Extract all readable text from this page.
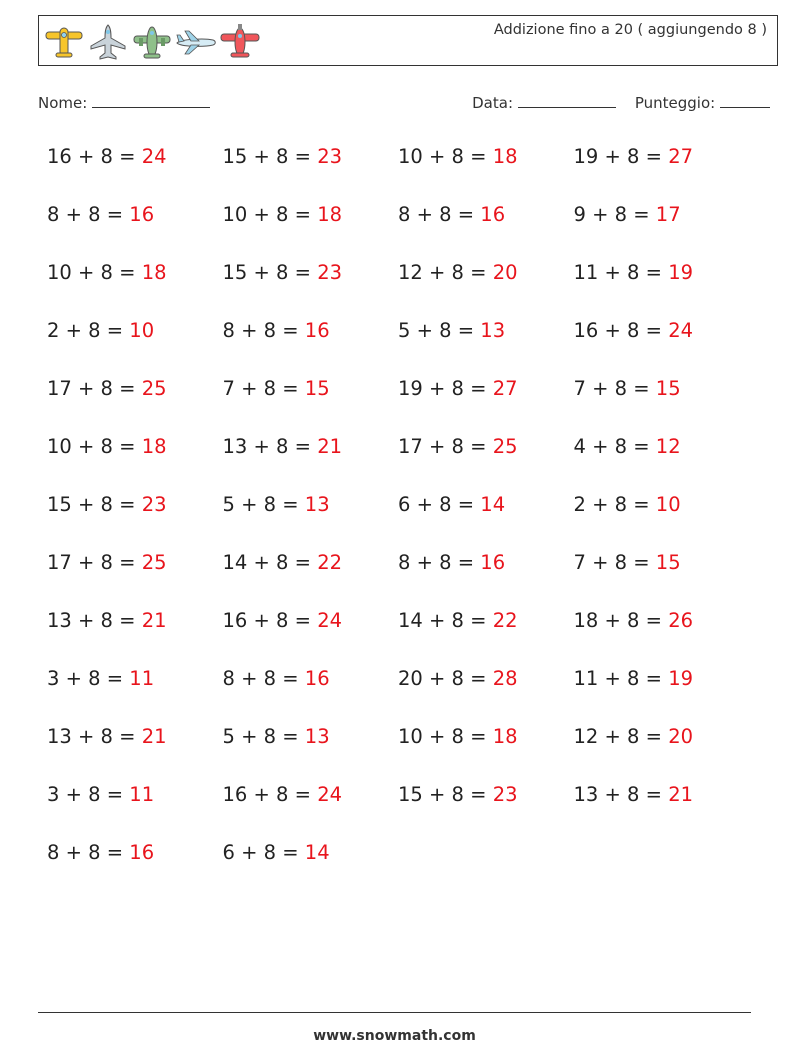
Addizione fino a 20 ( aggiungendo 8 )
Nome:	Data:	Punteggio:
16 + 8 = 24	15 + 8 = 23	10 + 8 = 18	19 + 8 = 27
8 + 8 = 16	10 + 8 = 18	8 + 8 = 16	9 + 8 = 17
10 + 8 = 18	15 + 8 = 23	12 + 8 = 20	11 + 8 = 19
2 + 8 = 10	8 + 8 = 16	5 + 8 = 13	16 + 8 = 24
17 + 8 = 25	7 + 8 = 15	19 + 8 = 27	7 + 8 = 15
10 + 8 = 18	13 + 8 = 21	17 + 8 = 25	4 + 8 = 12
15 + 8 = 23	5 + 8 = 13	6 + 8 = 14	2 + 8 = 10
17 + 8 = 25	14 + 8 = 22	8 + 8 = 16	7 + 8 = 15
13 + 8 = 21	16 + 8 = 24	14 + 8 = 22	18 + 8 = 26
3 + 8 = 11	8 + 8 = 16	20 + 8 = 28	11 + 8 = 19
13 + 8 = 21	5 + 8 = 13	10 + 8 = 18	12 + 8 = 20
3 + 8 = 11	16 + 8 = 24	15 + 8 = 23	13 + 8 = 21
8 + 8 = 16	6 + 8 = 14
www.snowmath.com
